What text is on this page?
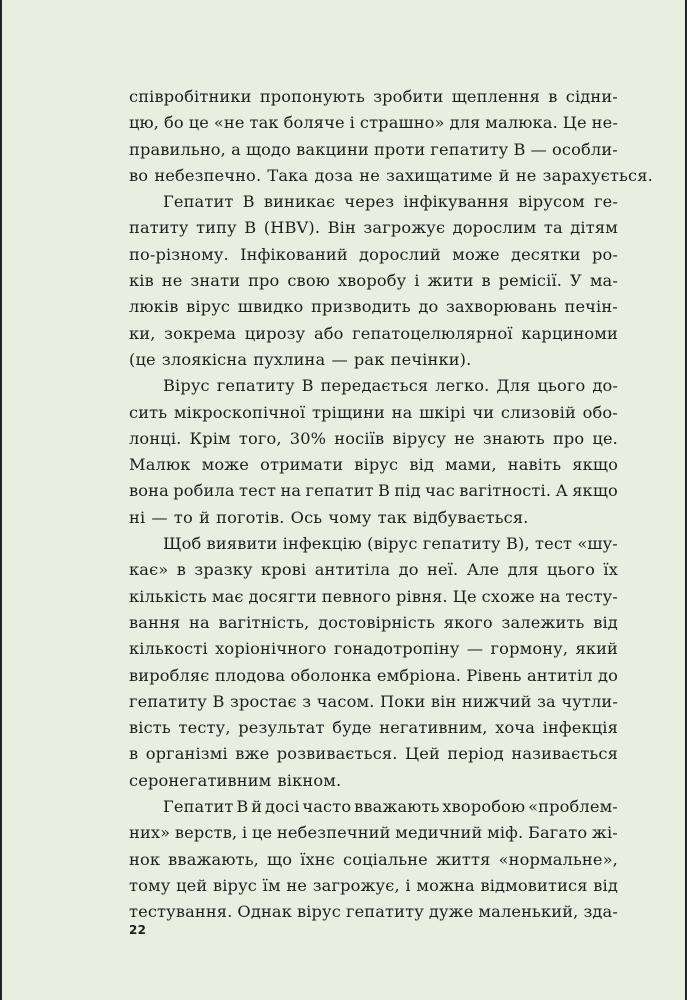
співробітники пропонують зробити щеплення в сідни-
цю, бо це «не так боляче і страшно» для малюка. Це не-
правильно, а щодо вакцини проти гепатиту В — особли-
во небезпечно. Така доза не захищатиме й не зарахується.
Гепатит В виникає через інфікування вірусом ге-
патиту типу В (HBV). Він загрожує дорослим та дітям
по-різному. Інфікований дорослий може десятки ро-
ків не знати про свою хворобу і жити в ремісії. У ма-
люків вірус швидко призводить до захворювань печін-
ки, зокрема цирозу або гепатоцелюлярної карциноми
(це злоякісна пухлина — рак печінки).
Вірус гепатиту В передається легко. Для цього до-
сить мікроскопічної тріщини на шкірі чи слизовій обо-
лонці. Крім того, 30% носіїв вірусу не знають про це.
Малюк може отримати вірус від мами, навіть якщо
вона робила тест на гепатит В під час вагітності. А якщо
ні — то й поготів. Ось чому так відбувається.
Щоб виявити інфекцію (вірус гепатиту В), тест «шу-
кає» в зразку крові антитіла до неї. Але для цього їх
кількість має досягти певного рівня. Це схоже на тесту-
вання на вагітність, достовірність якого залежить від
кількості хоріонічного гонадотропіну — гормону, який
виробляє плодова оболонка ембріона. Рівень антитіл до
гепатиту В зростає з часом. Поки він нижчий за чутли-
вість тесту, результат буде негативним, хоча інфекція
в організмі вже розвивається. Цей період називається
серонегативним вікном.
Гепатит В й досі часто вважають хворобою «проблем-
них» верств, і це небезпечний медичний міф. Багато жі-
нок вважають, що їхнє соціальне життя «нормальне»,
тому цей вірус їм не загрожує, і можна відмовитися від
тестування. Однак вірус гепатиту дуже маленький, зда-
22
